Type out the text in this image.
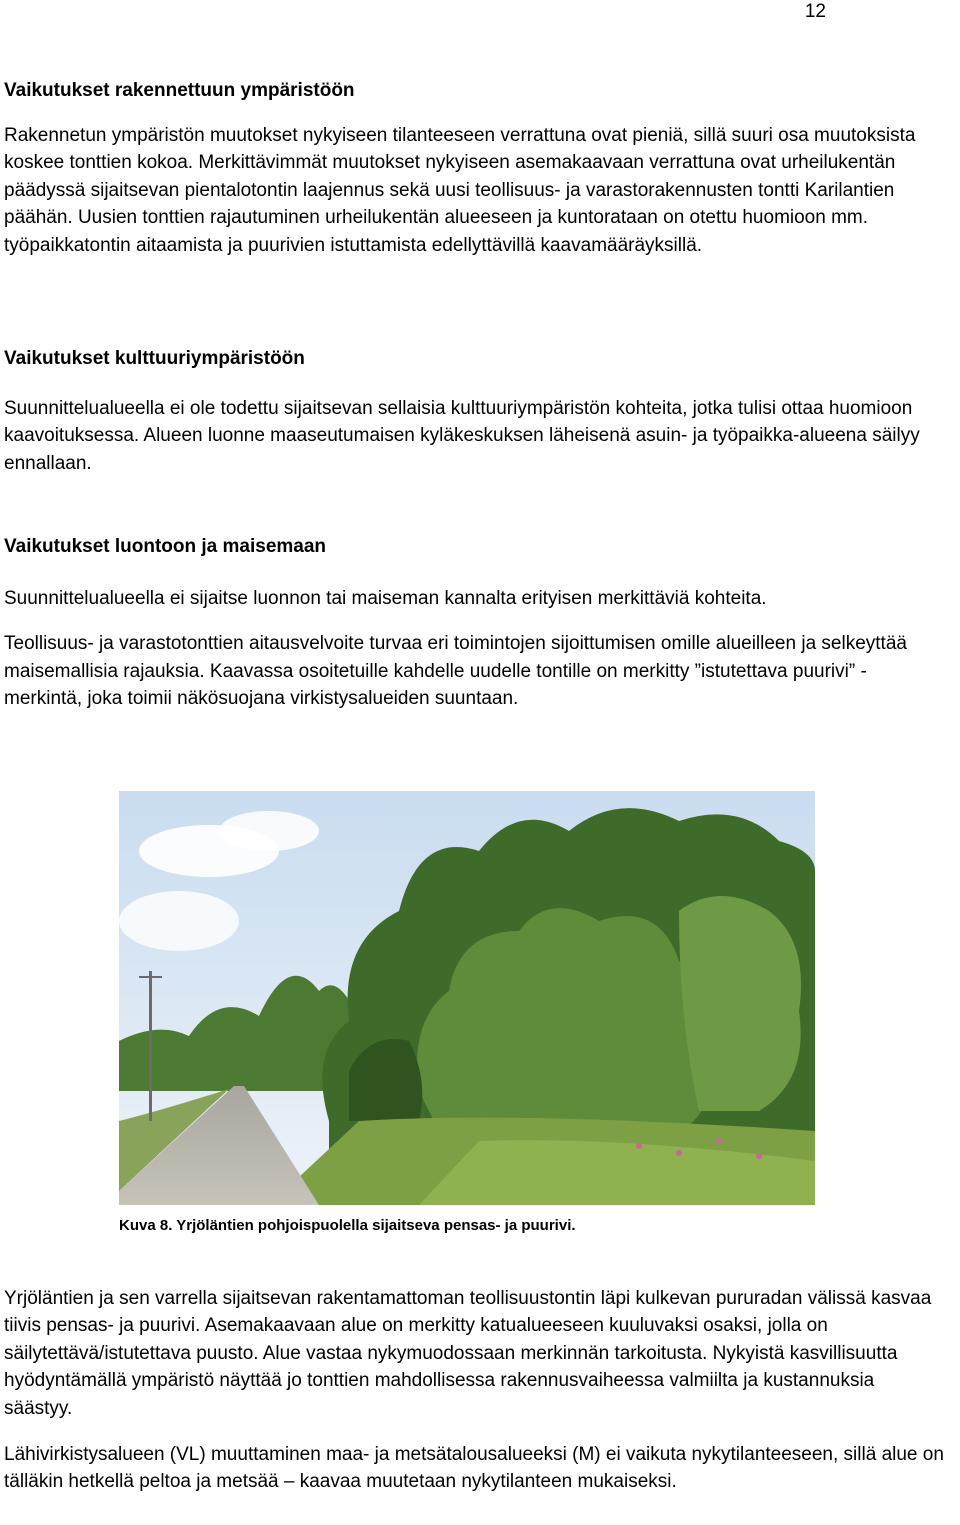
12
Vaikutukset rakennettuun ympäristöön

Rakennetun ympäristön muutokset nykyiseen tilanteeseen verrattuna ovat pieniä, sillä suuri osa muutoksista koskee tonttien kokoa. Merkittävimmät muutokset nykyiseen asemakaavaan verrattuna ovat urheilukentän päädyssä sijaitsevan pientalotontin laajennus sekä uusi teollisuus- ja varastorakennusten tontti Karilantien päähän. Uusien tonttien rajautuminen urheilukentän alueeseen ja kuntorataan on otettu huomioon mm. työpaikkatontin aitaamista ja puurivien istuttamista edellyttävillä kaavamääräyksillä.

Vaikutukset kulttuuriympäristöön

Suunnittelualueella ei ole todettu sijaitsevan sellaisia kulttuuriympäristön kohteita, jotka tulisi ottaa huomioon kaavoituksessa. Alueen luonne maaseutumaisen kyläkeskuksen läheisenä asuin- ja työpaikka-alueena säilyy ennallaan.

Vaikutukset luontoon ja maisemaan

Suunnittelualueella ei sijaitse luonnon tai maiseman kannalta erityisen merkittäviä kohteita.

Teollisuus- ja varastotonttien aitausvelvoite turvaa eri toimintojen sijoittumisen omille alueilleen ja selkeyttää maisemallisia rajauksia. Kaavassa osoitetuille kahdelle uudelle tontille on merkitty ”istutettava puurivi” - merkintä, joka toimii näkösuojana virkistysalueiden suuntaan.

Yrjöläntien ja sen varrella sijaitsevan rakentamattoman teollisuustontin läpi kulkevan pururadan välissä kasvaa tiivis pensas- ja puurivi. Asemakaavaan alue on merkitty katualueeseen kuuluvaksi osaksi, jolla on säilytettävä/istutettava puusto. Alue vastaa nykymuodossaan merkinnän tarkoitusta. Nykyistä kasvillisuutta hyödyntämällä ympäristö näyttää jo tonttien mahdollisessa rakennusvaiheessa valmiilta ja kustannuksia säästyy.

Lähivirkistysalueen (VL) muuttaminen maa- ja metsätalousalueeksi (M) ei vaikuta nykytilanteeseen, sillä alue on tälläkin hetkellä peltoa ja metsää – kaavaa muutetaan nykytilanteen mukaiseksi.

Kuva 8. Yrjöläntien pohjoispuolella sijaitseva pensas- ja puurivi.
